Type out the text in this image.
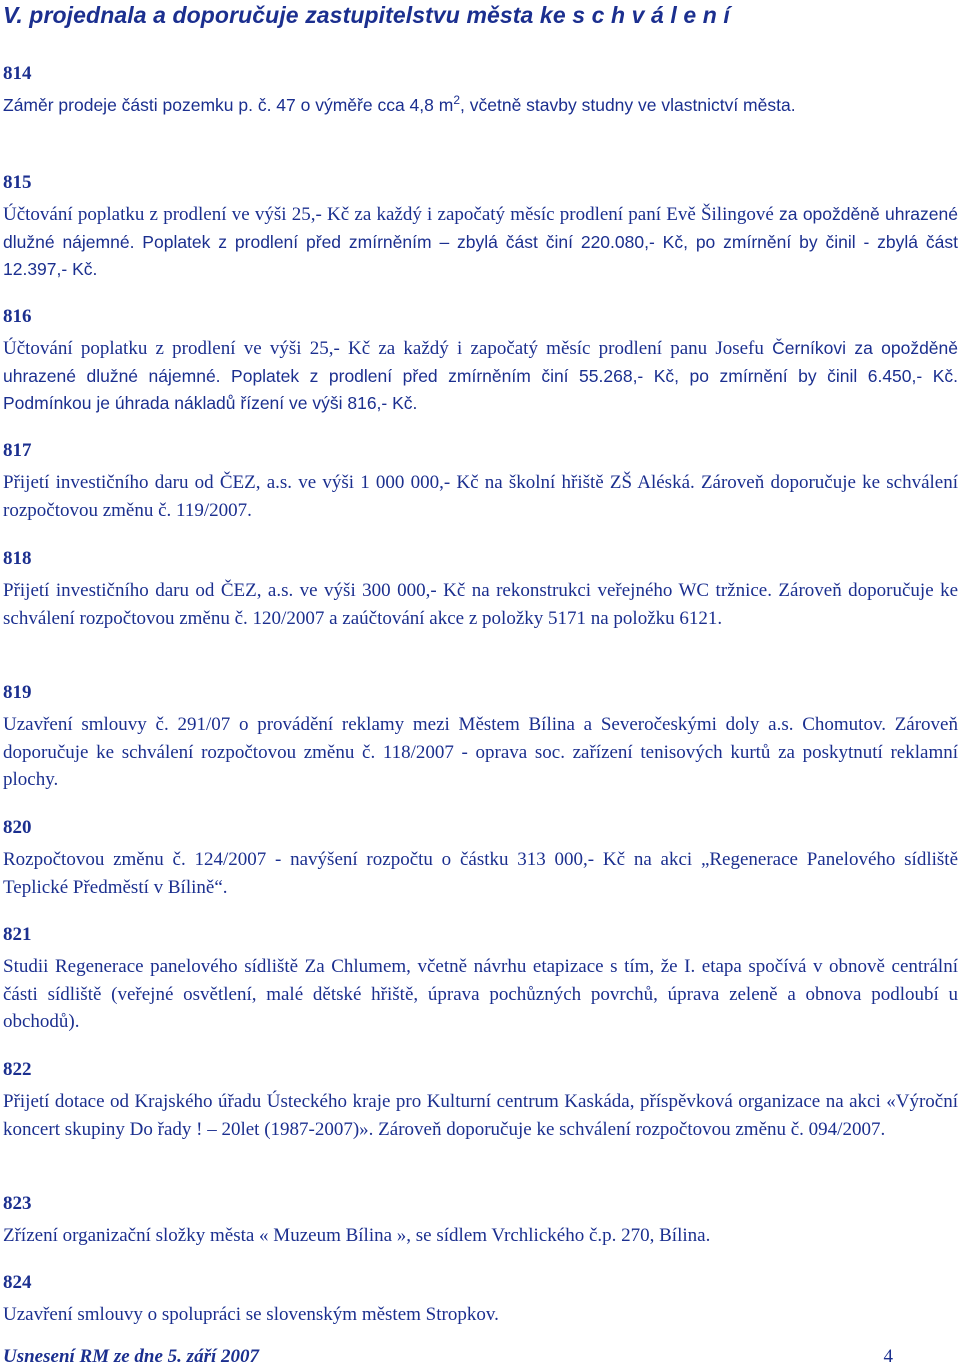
V. projednala a doporučuje zastupitelstvu města ke s c h v á l e n í
814
Záměr prodeje části pozemku p. č. 47 o výměře cca 4,8 $m^2$, včetně stavby studny ve vlastnictví města.
815
Účtování poplatku z prodlení ve výši 25,- Kč za každý i započatý měsíc prodlení paní Evě Šilingové za opožděně uhrazené dlužné nájemné. Poplatek z prodlení před zmírněním – zbylá část činí 220.080,- Kč, po zmírnění by činil - zbylá část 12.397,- Kč.
816
Účtování poplatku z prodlení ve výši 25,- Kč za každý i započatý měsíc prodlení panu Josefu Černíkovi za opožděně uhrazené dlužné nájemné. Poplatek z prodlení před zmírněním činí 55.268,- Kč, po zmírnění by činil 6.450,- Kč. Podmínkou je úhrada nákladů řízení ve výši 816,- Kč.
817
Přijetí investičního daru od ČEZ, a.s. ve výši 1 000 000,- Kč na školní hřiště ZŠ Aléská. Zároveň doporučuje ke schválení rozpočtovou změnu č. 119/2007.
818
Přijetí investičního daru od ČEZ, a.s. ve výši 300 000,- Kč na rekonstrukci veřejného WC tržnice. Zároveň doporučuje ke schválení rozpočtovou změnu č. 120/2007 a zaúčtování akce z položky 5171 na položku 6121.
819
Uzavření smlouvy č. 291/07 o provádění reklamy mezi Městem Bílina a Severočeskými doly a.s. Chomutov. Zároveň doporučuje ke schválení rozpočtovou změnu č. 118/2007 - oprava soc. zařízení tenisových kurtů za poskytnutí reklamní plochy.
820
Rozpočtovou změnu č. 124/2007 - navýšení rozpočtu o částku 313 000,- Kč na akci „Regenerace Panelového sídliště Teplické Předměstí v Bílině“.
821
Studii Regenerace panelového sídliště Za Chlumem, včetně návrhu etapizace s tím, že I. etapa spočívá v obnově centrální části sídliště (veřejné osvětlení, malé dětské hřiště, úprava pochůzných povrchů, úprava zeleně a obnova podloubí u obchodů).
822
Přijetí dotace od Krajského úřadu Ústeckého kraje pro Kulturní centrum Kaskáda, příspěvková organizace na akci «Výroční koncert skupiny Do řady ! – 20let (1987-2007)». Zároveň doporučuje ke schválení rozpočtovou změnu č. 094/2007.
823
Zřízení organizační složky města « Muzeum Bílina », se sídlem Vrchlického č.p. 270, Bílina.
824
Uzavření smlouvy o spolupráci se slovenským městem Stropkov.
Usnesení RM ze dne 5. září 2007	4
